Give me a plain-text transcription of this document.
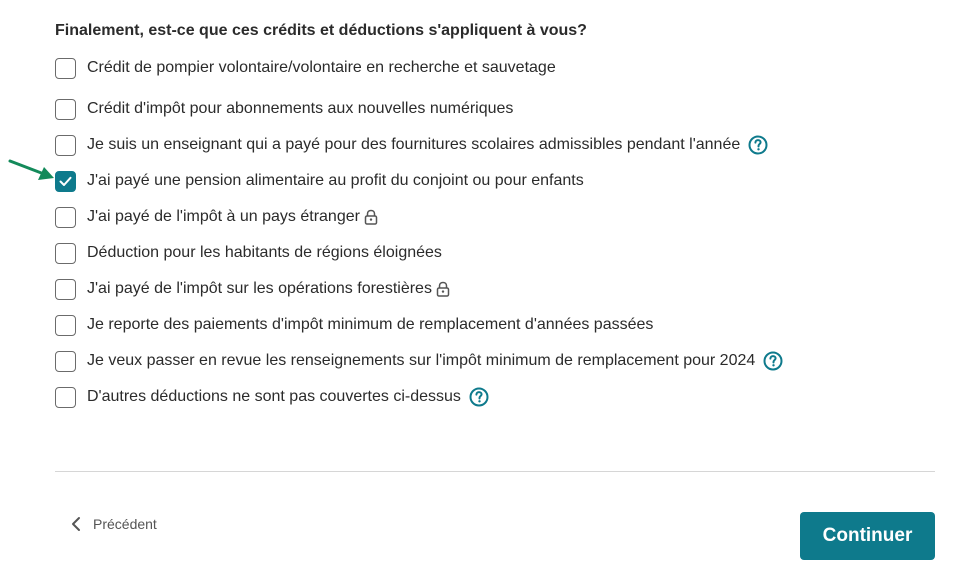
Finalement, est-ce que ces crédits et déductions s'appliquent à vous?
Crédit de pompier volontaire/volontaire en recherche et sauvetage
Crédit d'impôt pour abonnements aux nouvelles numériques
Je suis un enseignant qui a payé pour des fournitures scolaires admissibles pendant l'année
J'ai payé une pension alimentaire au profit du conjoint ou pour enfants
J'ai payé de l'impôt à un pays étranger
Déduction pour les habitants de régions éloignées
J'ai payé de l'impôt sur les opérations forestières
Je reporte des paiements d'impôt minimum de remplacement d'années passées
Je veux passer en revue les renseignements sur l'impôt minimum de remplacement pour 2024
D'autres déductions ne sont pas couvertes ci-dessus
Précédent
Continuer
